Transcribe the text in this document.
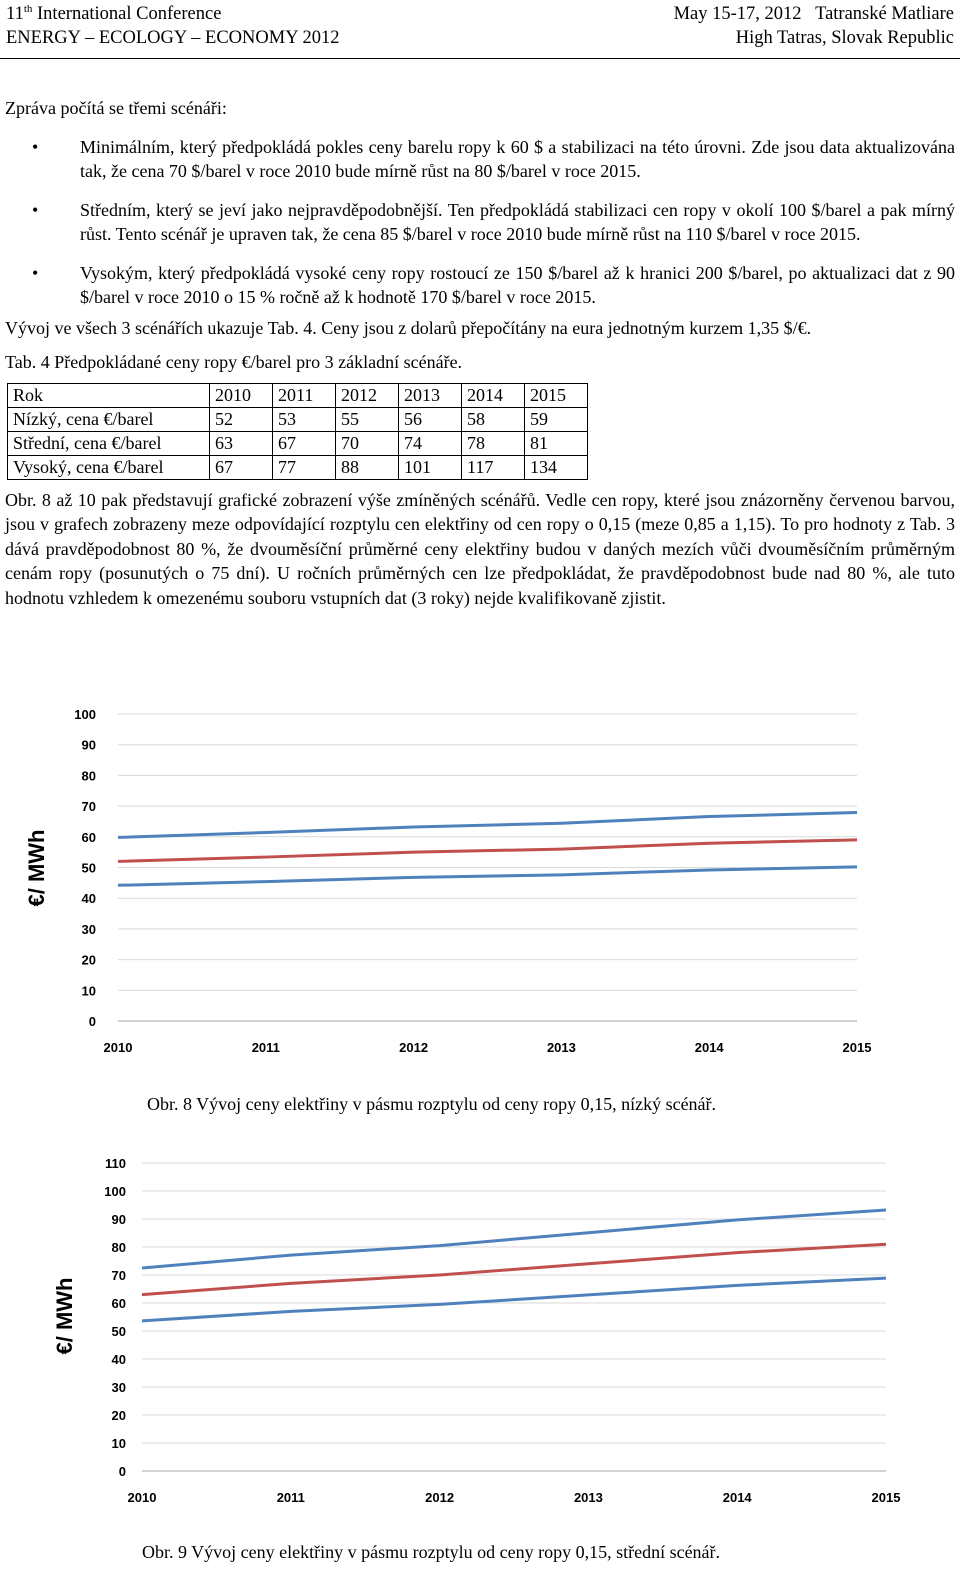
11th International Conference
ENERGY – ECOLOGY – ECONOMY 2012
May 15-17, 2012   Tatranské Matliare
High Tatras, Slovak Republic

Zpráva počítá se třemi scénáři:

• Minimálním, který předpokládá pokles ceny barelu ropy k 60 $ a stabilizaci na této úrovni. Zde jsou data aktualizována tak, že cena 70 $/barel v roce 2010 bude mírně růst na 80 $/barel v roce 2015.
• Středním, který se jeví jako nejpravděpodobnější. Ten předpokládá stabilizaci cen ropy v okolí 100 $/barel a pak mírný růst. Tento scénář je upraven tak, že cena 85 $/barel v roce 2010 bude mírně růst na 110 $/barel v roce 2015.
• Vysokým, který předpokládá vysoké ceny ropy rostoucí ze 150 $/barel až k hranici 200 $/barel, po aktualizaci dat z 90 $/barel v roce 2010 o 15 % ročně až k hodnotě 170 $/barel v roce 2015.

Vývoj ve všech 3 scénářích ukazuje Tab. 4. Ceny jsou z dolarů přepočítány na eura jednotným kurzem 1,35 $/€.

Tab. 4 Předpokládané ceny ropy €/barel pro 3 základní scénáře.

Rok	2010	2011	2012	2013	2014	2015
Nízký, cena €/barel	52	53	55	56	58	59
Střední, cena €/barel	63	67	70	74	78	81
Vysoký, cena €/barel	67	77	88	101	117	134

Obr. 8 až 10 pak představují grafické zobrazení výše zmíněných scénářů. Vedle cen ropy, které jsou znázorněny červenou barvou, jsou v grafech zobrazeny meze odpovídající rozptylu cen elektřiny od cen ropy o 0,15 (meze 0,85 a 1,15). To pro hodnoty z Tab. 3 dává pravděpodobnost 80 %, že dvouměsíční průměrné ceny elektřiny budou v daných mezích vůči dvouměsíčním průměrným cenám ropy (posunutých o 75 dní). U ročních průměrných cen lze předpokládat, že pravděpodobnost bude nad 80 %, ale tuto hodnotu vzhledem k omezenému souboru vstupních dat (3 roky) nejde kvalifikovaně zjistit.

0
10
20
30
40
50
60
70
80
90
100
2010	2011	2012	2013	2014	2015
€/ MWh
Obr. 8 Vývoj ceny elektřiny v pásmu rozptylu od ceny ropy 0,15, nízký scénář.
0
10
20
30
40
50
60
70
80
90
100
110
2010	2011	2012	2013	2014	2015
€/ MWh
Obr. 9 Vývoj ceny elektřiny v pásmu rozptylu od ceny ropy 0,15, střední scénář.
